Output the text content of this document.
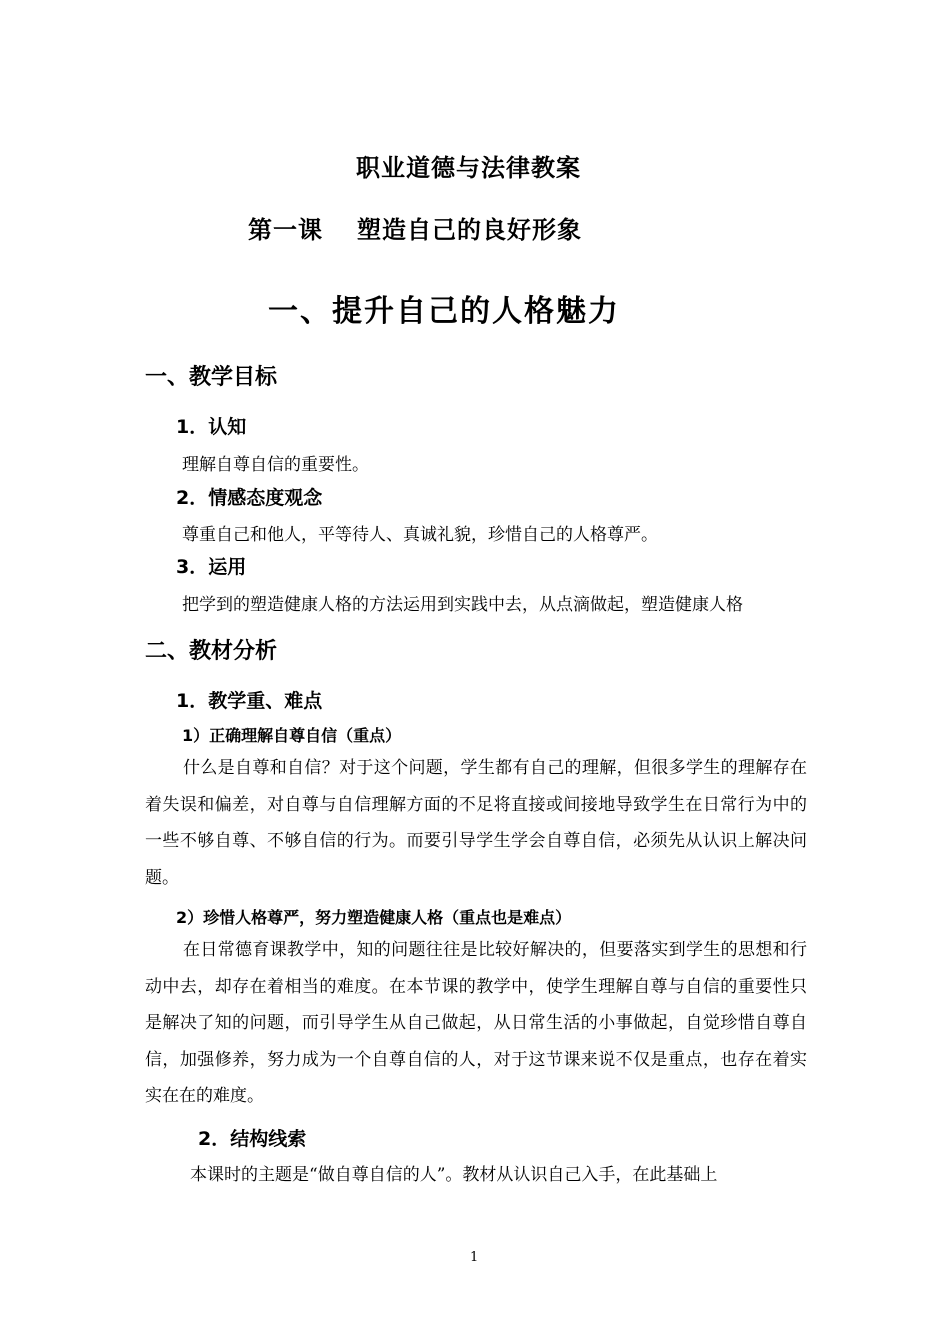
职业道德与法律教案

第一课 塑造自己的良好形象

一、提升自己的人格魅力

一、教学目标

1．认知

理解自尊自信的重要性。

2．情感态度观念

尊重自己和他人，平等待人、真诚礼貌，珍惜自己的人格尊严。

3．运用

把学到的塑造健康人格的方法运用到实践中去，从点滴做起，塑造健康人格

二、教材分析

1．教学重、难点

1）正确理解自尊自信（重点）

什么是自尊和自信？对于这个问题，学生都有自己的理解，但很多学生的理解存在着失误和偏差，对自尊与自信理解方面的不足将直接或间接地导致学生在日常行为中的一些不够自尊、不够自信的行为。而要引导学生学会自尊自信，必须先从认识上解决问题。

2）珍惜人格尊严，努力塑造健康人格（重点也是难点）

在日常德育课教学中，知的问题往往是比较好解决的，但要落实到学生的思想和行动中去，却存在着相当的难度。在本节课的教学中，使学生理解自尊与自信的重要性只是解决了知的问题，而引导学生从自己做起，从日常生活的小事做起，自觉珍惜自尊自信，加强修养，努力成为一个自尊自信的人，对于这节课来说不仅是重点，也存在着实实在在的难度。

2．结构线索

本课时的主题是“做自尊自信的人”。教材从认识自己入手，在此基础上

1
